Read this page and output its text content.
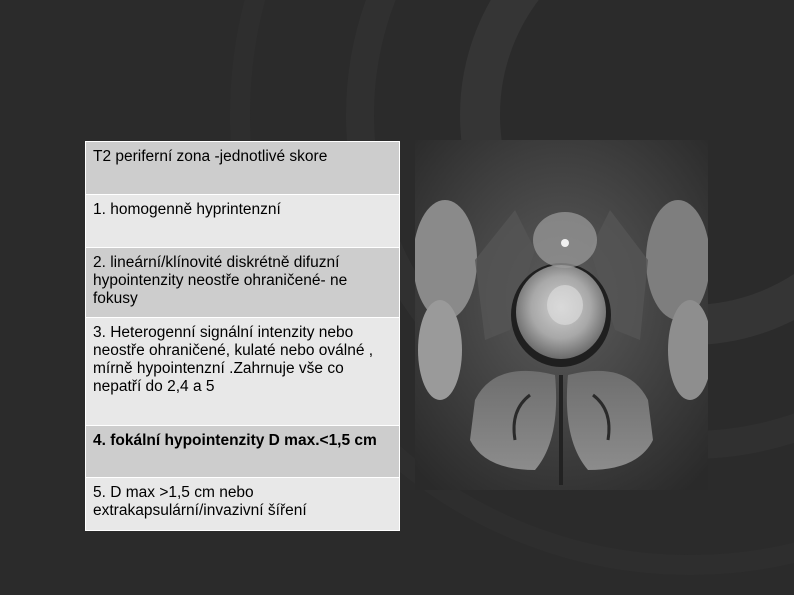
T2 periferní zona -jednotlivé skore
1. homogenně hyprintenzní
2. lineární/klínovité diskrétně difuzní hypointenzity neostře ohraničené- ne fokusy
3. Heterogenní signální intenzity nebo neostře ohraničené, kulaté nebo oválné , mírně hypointenzní .Zahrnuje vše co nepatří do 2,4 a 5
4. fokální hypointenzity D max.<1,5 cm
5. D max >1,5 cm nebo extrakapsulární/invazivní šíření
